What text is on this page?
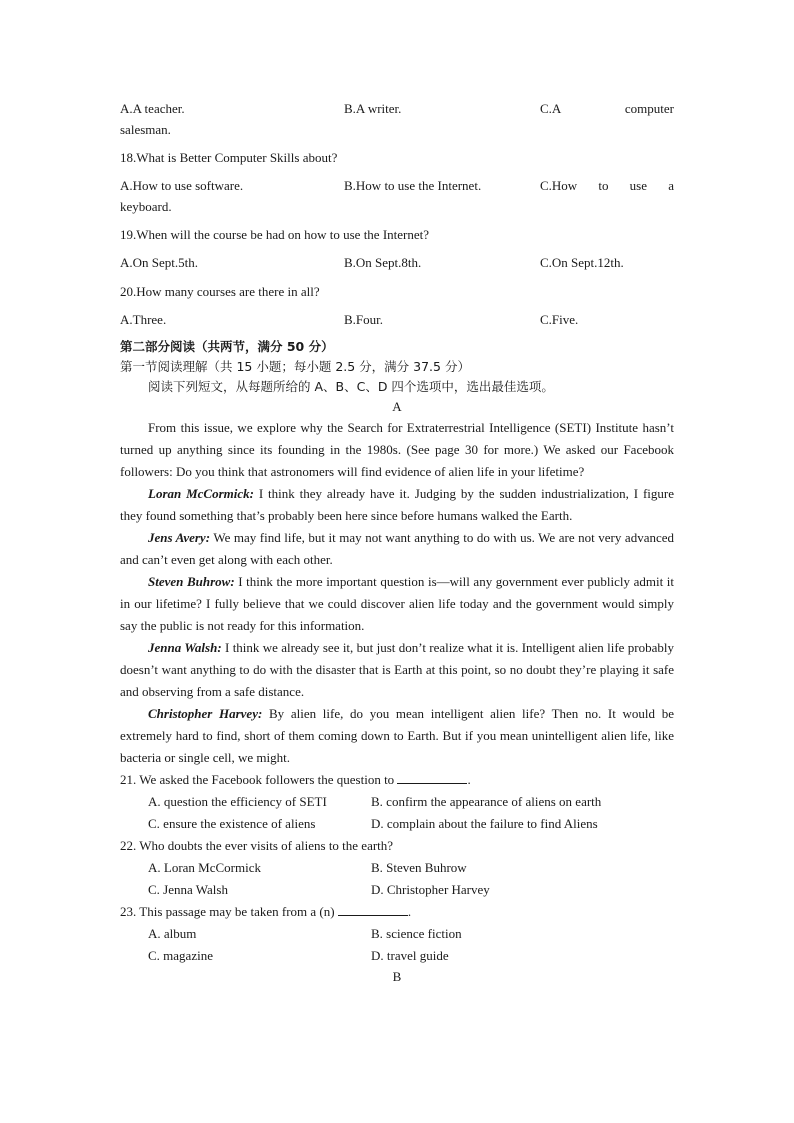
A.A teacher.	B.A writer.	C.A	computer
salesman.
18.What is Better Computer Skills about?
A.How to use software.	B.How to use the Internet.	C.How to use a
keyboard.
19.When will the course be had on how to use the Internet?
A.On Sept.5th.	B.On Sept.8th.	C.On Sept.12th.
20.How many courses are there in all?
A.Three.	B.Four.	C.Five.
第二部分阅读（共两节，满分 50 分）
第一节阅读理解（共 15 小题；每小题 2.5 分，满分 37.5 分）
阅读下列短文，从每题所给的 A、B、C、D 四个选项中，选出最佳选项。
A
From this issue, we explore why the Search for Extraterrestrial Intelligence (SETI) Institute hasn’t turned up anything since its founding in the 1980s. (See page 30 for more.) We asked our Facebook followers: Do you think that astronomers will find evidence of alien life in your lifetime?
Loran McCormick: I think they already have it. Judging by the sudden industrialization, I figure they found something that’s probably been here since before humans walked the Earth.
Jens Avery: We may find life, but it may not want anything to do with us. We are not very advanced and can’t even get along with each other.
Steven Buhrow: I think the more important question is—will any government ever publicly admit it in our lifetime? I fully believe that we could discover alien life today and the government would simply say the public is not ready for this information.
Jenna Walsh: I think we already see it, but just don’t realize what it is. Intelligent alien life probably doesn’t want anything to do with the disaster that is Earth at this point, so no doubt they’re playing it safe and observing from a safe distance.
Christopher Harvey: By alien life, do you mean intelligent alien life? Then no. It would be extremely hard to find, short of them coming down to Earth. But if you mean unintelligent alien life, like bacteria or single cell, we might.
21. We asked the Facebook followers the question to	.
A. question the efficiency of SETI	B. confirm the appearance of aliens on earth
C. ensure the existence of aliens	D. complain about the failure to find Aliens
22. Who doubts the ever visits of aliens to the earth?
A. Loran McCormick	B. Steven Buhrow
C. Jenna Walsh	D. Christopher Harvey
23. This passage may be taken from a (n)	.
A. album	B. science fiction
C. magazine	D. travel guide
B
